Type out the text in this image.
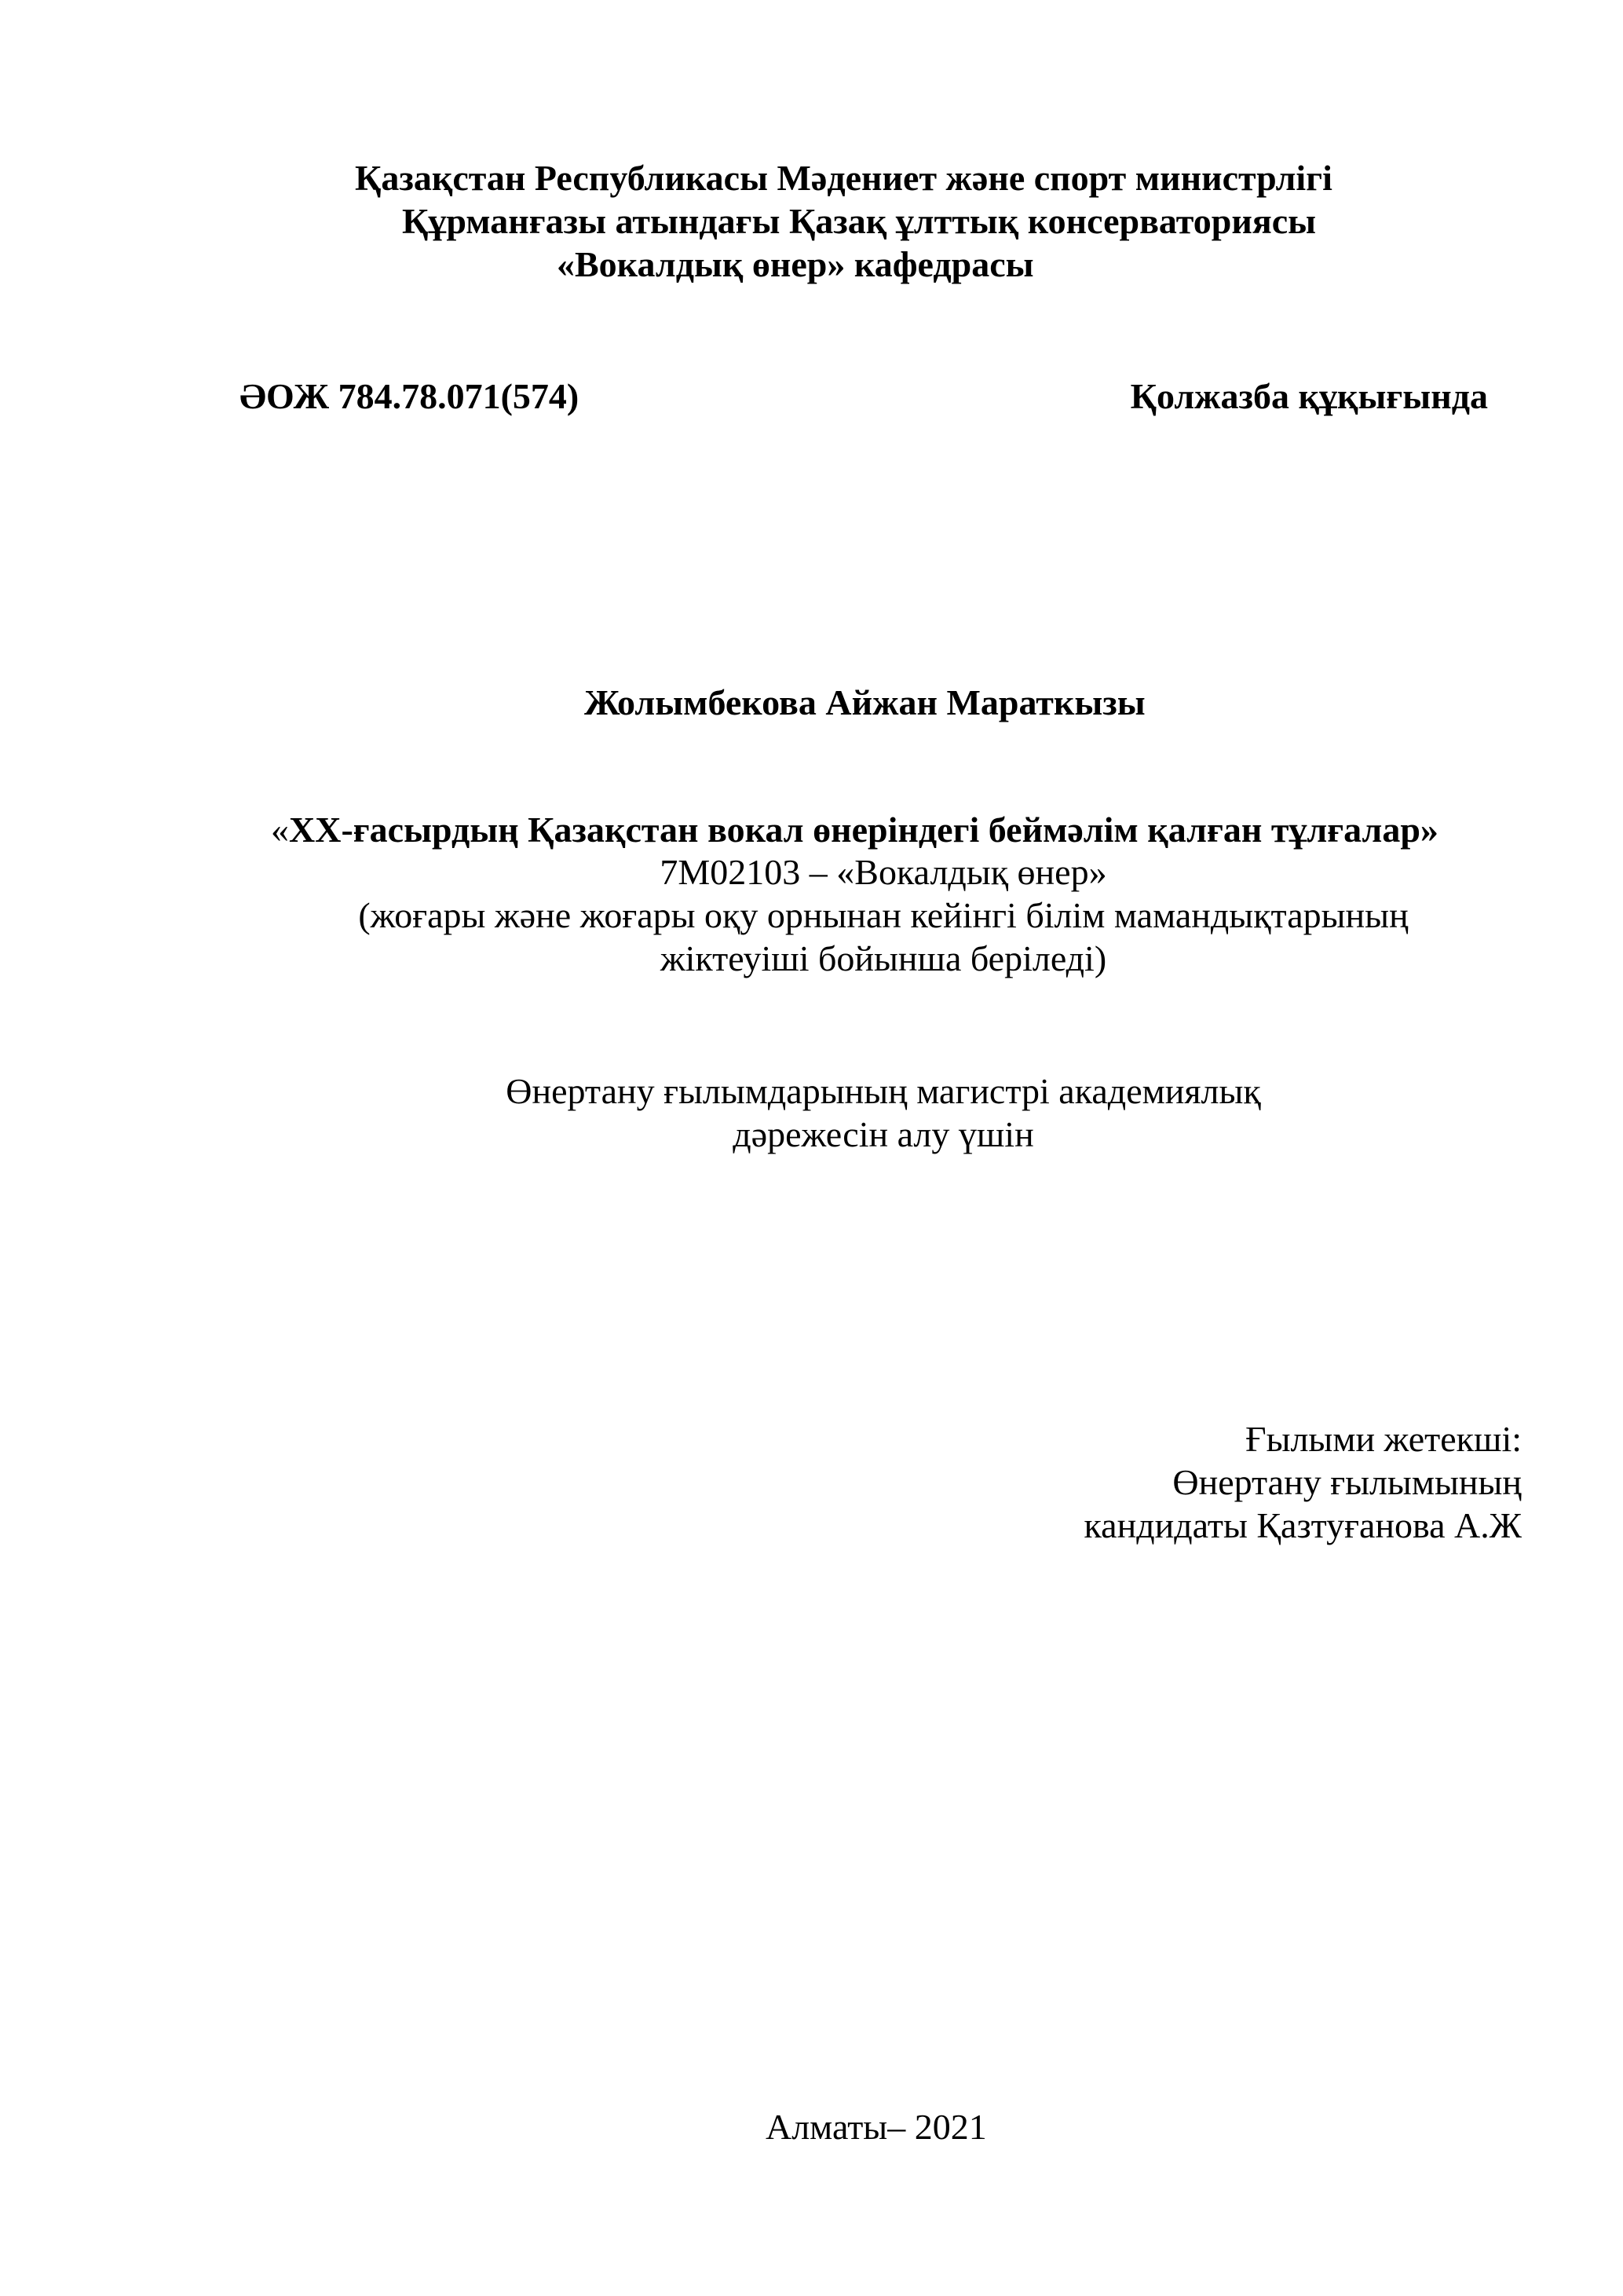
Қазақстан Республикасы Мәдениет және спорт министрлігі

Құрманғазы атындағы Қазақ ұлттық консерваториясы

«Вокалдық өнер» кафедрасы

ӘОЖ 784.78.071(574)	Қолжазба құқығында

Жолымбекова Айжан Мараткызы

«ХХ-ғасырдың Қазақстан вокал өнеріндегі беймәлім қалған тұлғалар»

7М02103 – «Вокалдық өнер»

(жоғары және жоғары оқу орнынан кейінгі білім мамандықтарының

жіктеуіші бойынша беріледі)

Өнертану ғылымдарының магистрі академиялық

дәрежесін алу үшін

Ғылыми жетекші:

Өнертану ғылымының

кандидаты Қазтуғанова А.Ж

Алматы– 2021
